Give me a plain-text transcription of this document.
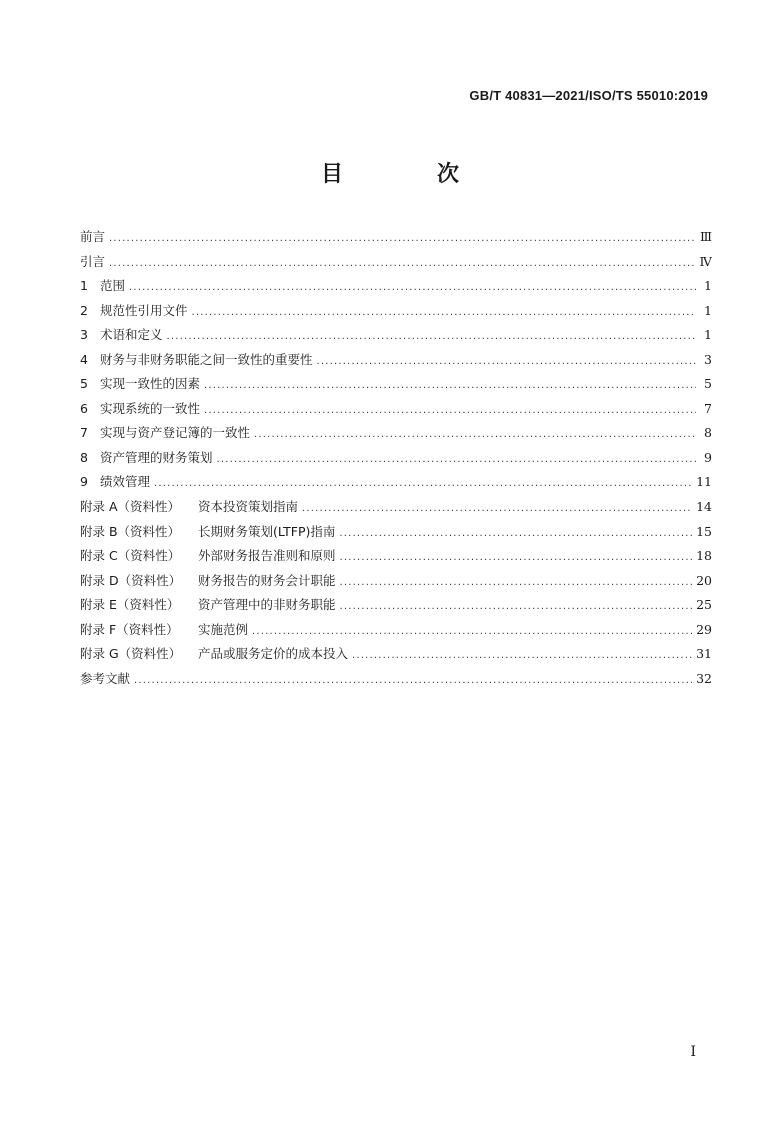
GB/T 40831—2021/ISO/TS 55010:2019
目　次
前言 .....	Ⅲ
引言 .....	Ⅳ
1 范围 .....	1
2 规范性引用文件 .....	1
3 术语和定义 .....	1
4 财务与非财务职能之间一致性的重要性 .....	3
5 实现一致性的因素 .....	5
6 实现系统的一致性 .....	7
7 实现与资产登记簿的一致性 .....	8
8 资产管理的财务策划 .....	9
9 绩效管理 .....	11
附录 A（资料性）	资本投资策划指南 .....	14
附录 B（资料性）	长期财务策划(LTFP)指南 .....	15
附录 C（资料性）	外部财务报告准则和原则 .....	18
附录 D（资料性）	财务报告的财务会计职能 .....	20
附录 E（资料性）	资产管理中的非财务职能 .....	25
附录 F（资料性）	实施范例 .....	29
附录 G（资料性）	产品或服务定价的成本投入 .....	31
参考文献 .....	32
I
